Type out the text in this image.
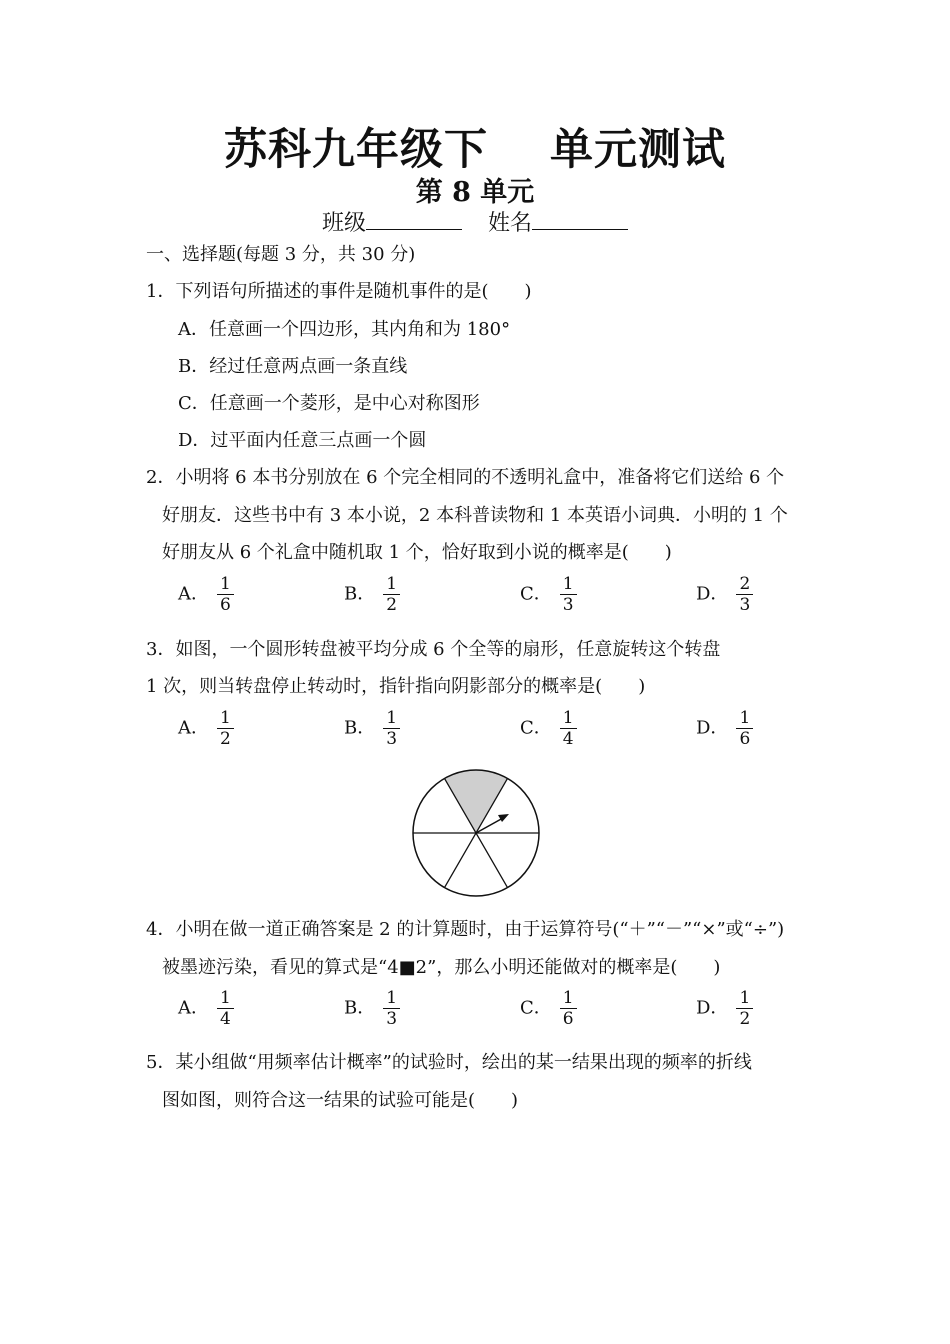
苏科九年级下 单元测试
第 8 单元
班级	姓名
一、选择题(每题 3 分，共 30 分)
1．下列语句所描述的事件是随机事件的是(　　)
A．任意画一个四边形，其内角和为 180°
B．经过任意两点画一条直线
C．任意画一个菱形，是中心对称图形
D．过平面内任意三点画一个圆
2．小明将 6 本书分别放在 6 个完全相同的不透明礼盒中，准备将它们送给 6 个
好朋友．这些书中有 3 本小说，2 本科普读物和 1 本英语小词典．小明的 1 个
好朋友从 6 个礼盒中随机取 1 个，恰好取到小说的概率是(　　)
A． $\frac{1}{6}$	B． $\frac{1}{2}$	C． $\frac{1}{3}$	D． $\frac{2}{3}$
3．如图，一个圆形转盘被平均分成 6 个全等的扇形，任意旋转这个转盘
1 次，则当转盘停止转动时，指针指向阴影部分的概率是(　　)
A． $\frac{1}{2}$	B． $\frac{1}{3}$	C． $\frac{1}{4}$	D． $\frac{1}{6}$
4．小明在做一道正确答案是 2 的计算题时，由于运算符号(“＋”“－”“×”或“÷”)
被墨迹污染，看见的算式是“4■2”，那么小明还能做对的概率是(　　)
A． $\frac{1}{4}$	B． $\frac{1}{3}$	C． $\frac{1}{6}$	D． $\frac{1}{2}$
5．某小组做“用频率估计概率”的试验时，绘出的某一结果出现的频率的折线
图如图，则符合这一结果的试验可能是(　　)
